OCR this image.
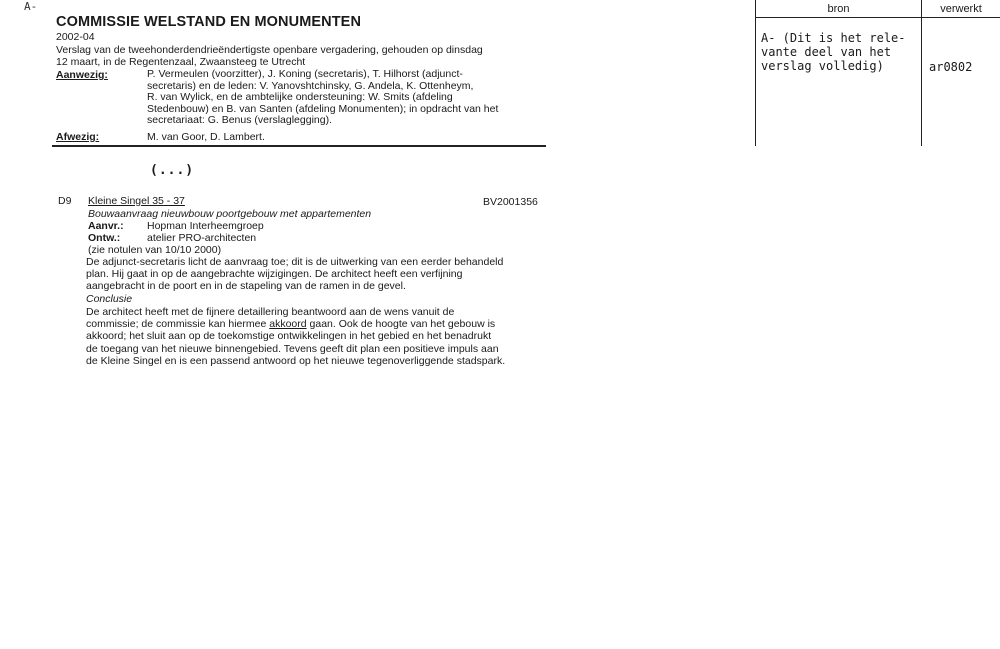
A-
COMMISSIE WELSTAND EN MONUMENTEN
2002-04
Verslag van de tweehonderdendrieëndertigste openbare vergadering, gehouden op dinsdag
12 maart, in de Regentenzaal, Zwaansteeg te Utrecht
Aanwezig:	P. Vermeulen (voorzitter), J. Koning (secretaris), T. Hilhorst (adjunct-
secretaris) en de leden: V. Yanovshtchinsky, G. Andela, K. Ottenheym,
R. van Wylick, en de ambtelijke ondersteuning: W. Smits (afdeling
Stedenbouw) en B. van Santen (afdeling Monumenten); in opdracht van het
secretariaat: G. Benus (verslaglegging).
Afwezig:	M. van Goor, D. Lambert.
(...)
D9 Kleine Singel 35 - 37	BV2001356
Bouwaanvraag nieuwbouw poortgebouw met appartementen
Aanvr.: Hopman Interheemgroep
Ontw.:	atelier PRO-architecten
(zie notulen van 10/10 2000)
De adjunct-secretaris licht de aanvraag toe; dit is de uitwerking van een eerder behandeld
plan. Hij gaat in op de aangebrachte wijzigingen. De architect heeft een verfijning
aangebracht in de poort en in de stapeling van de ramen in de gevel.
Conclusie
De architect heeft met de fijnere detaillering beantwoord aan de wens vanuit de
commissie; de commissie kan hiermee akkoord gaan. Ook de hoogte van het gebouw is
akkoord; het sluit aan op de toekomstige ontwikkelingen in het gebied en het benadrukt
de toegang van het nieuwe binnengebied. Tevens geeft dit plan een positieve impuls aan
de Kleine Singel en is een passend antwoord op het nieuwe tegenoverliggende stadspark.
bron	verwerkt
A- (Dit is het rele-
vante deel van het
verslag volledig)	ar0802
